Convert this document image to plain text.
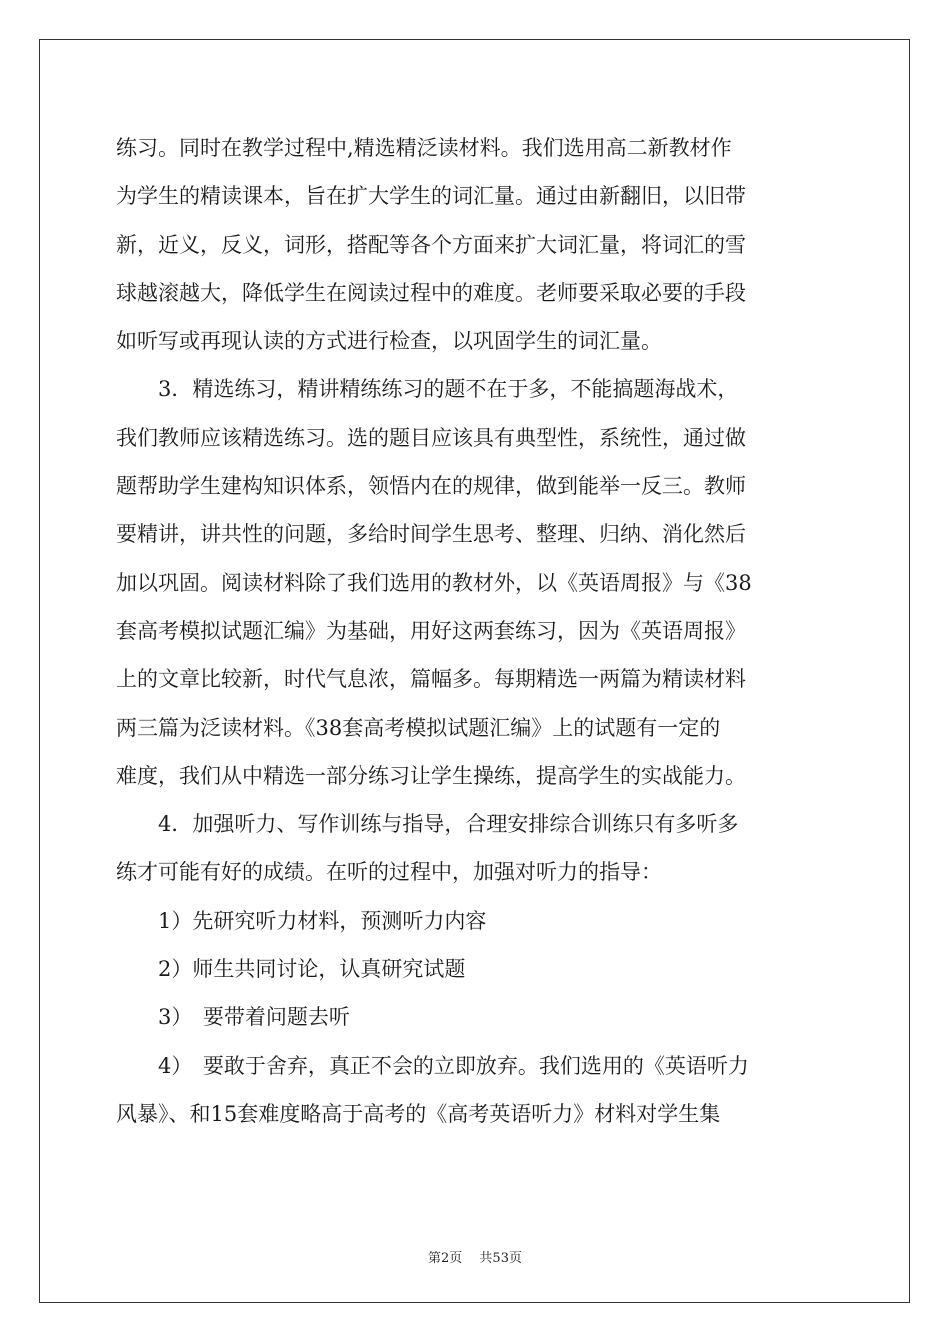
练习。同时在教学过程中,精选精泛读材料。我们选用高二新教材作
为学生的精读课本，旨在扩大学生的词汇量。通过由新翻旧，以旧带
新，近义，反义，词形，搭配等各个方面来扩大词汇量，将词汇的雪
球越滚越大，降低学生在阅读过程中的难度。老师要采取必要的手段
如听写或再现认读的方式进行检查，以巩固学生的词汇量。
　　3．精选练习，精讲精练练习的题不在于多，不能搞题海战术，
我们教师应该精选练习。选的题目应该具有典型性，系统性，通过做
题帮助学生建构知识体系，领悟内在的规律，做到能举一反三。教师
要精讲，讲共性的问题，多给时间学生思考、整理、归纳、消化然后
加以巩固。阅读材料除了我们选用的教材外，以《英语周报》与《38
套高考模拟试题汇编》为基础，用好这两套练习，因为《英语周报》
上的文章比较新，时代气息浓，篇幅多。每期精选一两篇为精读材料
两三篇为泛读材料。《38套高考模拟试题汇编》上的试题有一定的
难度，我们从中精选一部分练习让学生操练，提高学生的实战能力。
　　4．加强听力、写作训练与指导，合理安排综合训练只有多听多
练才可能有好的成绩。在听的过程中，加强对听力的指导：
　　1）先研究听力材料，预测听力内容
　　2）师生共同讨论，认真研究试题
　　3）　要带着问题去听
　　4）　要敢于舍弃，真正不会的立即放弃。我们选用的《英语听力
风暴》、和15套难度略高于高考的《高考英语听力》材料对学生集
第2页　 共53页
